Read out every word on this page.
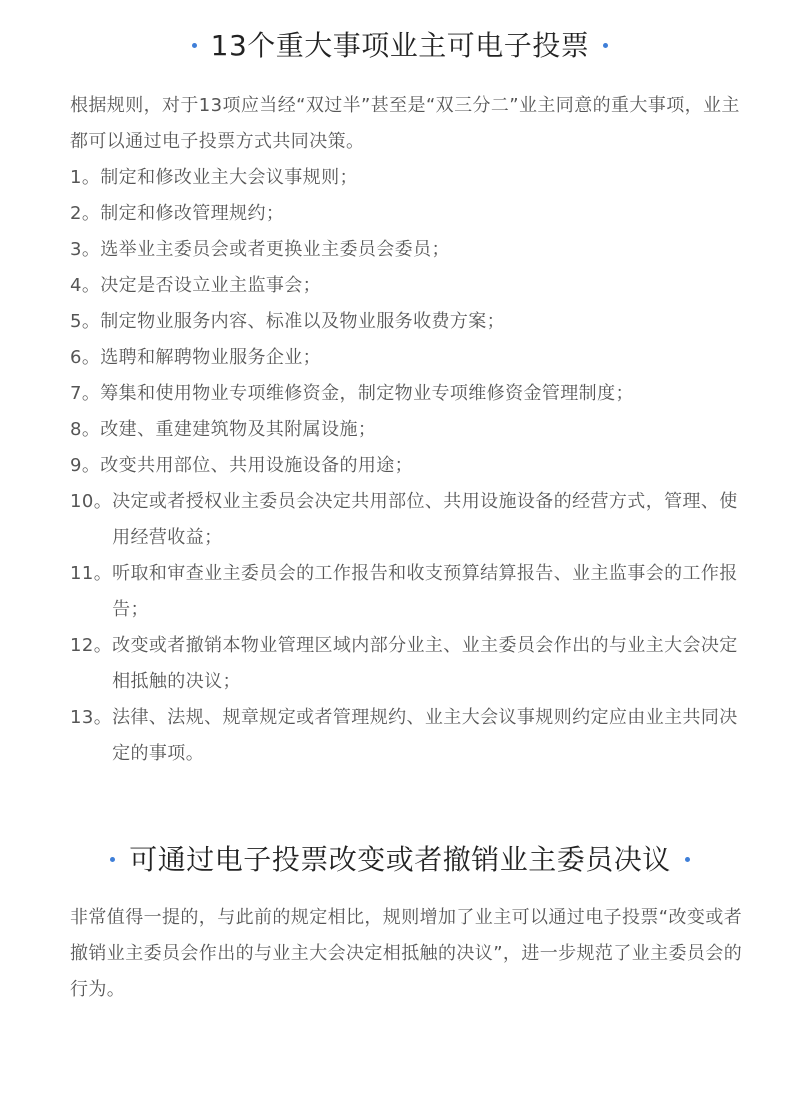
13个重大事项业主可电子投票

根据规则，对于13项应当经“双过半”甚至是“双三分二”业主同意的重大事项，业主都可以通过电子投票方式共同决策。

1。 制定和修改业主大会议事规则；
2。 制定和修改管理规约；
3。 选举业主委员会或者更换业主委员会委员；
4。 决定是否设立业主监事会；
5。 制定物业服务内容、标准以及物业服务收费方案；
6。 选聘和解聘物业服务企业；
7。 筹集和使用物业专项维修资金，制定物业专项维修资金管理制度；
8。 改建、重建建筑物及其附属设施；
9。 改变共用部位、共用设施设备的用途；
10。 决定或者授权业主委员会决定共用部位、共用设施设备的经营方式，管理、使用经营收益；
11。 听取和审查业主委员会的工作报告和收支预算结算报告、业主监事会的工作报告；
12。 改变或者撤销本物业管理区域内部分业主、业主委员会作出的与业主大会决定相抵触的决议；
13。 法律、法规、规章规定或者管理规约、业主大会议事规则约定应由业主共同决定的事项。
可通过电子投票改变或者撤销业主委员决议

非常值得一提的，与此前的规定相比，规则增加了业主可以通过电子投票“改变或者撤销业主委员会作出的与业主大会决定相抵触的决议”，进一步规范了业主委员会的行为。
